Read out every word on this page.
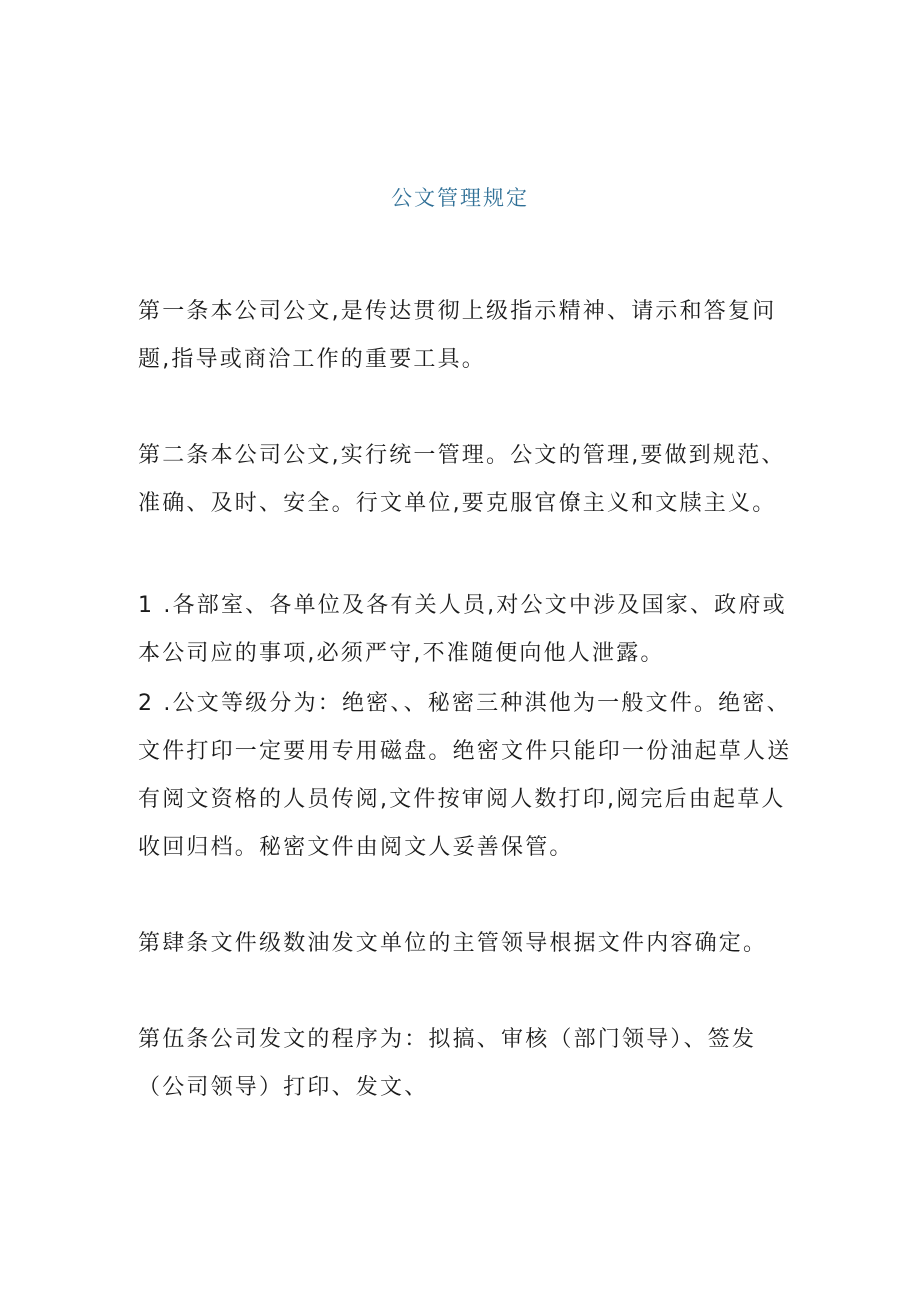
公文管理规定

第一条本公司公文,是传达贯彻上级指示精神、请示和答复问

题,指导或商洽工作的重要工具。

第二条本公司公文,实行统一管理。公文的管理,要做到规范、

准确、及时、安全。行文单位,要克服官僚主义和文牍主义。

1 .各部室、各单位及各有关人员,对公文中涉及国家、政府或

本公司应的事项,必须严守,不准随便向他人泄露。

2 .公文等级分为：绝密、、秘密三种淇他为一般文件。绝密、

文件打印一定要用专用磁盘。绝密文件只能印一份油起草人送

有阅文资格的人员传阅,文件按审阅人数打印,阅完后由起草人

收回归档。秘密文件由阅文人妥善保管。

第肆条文件级数油发文单位的主管领导根据文件内容确定。

第伍条公司发文的程序为：拟搞、审核（部门领导）、签发

（公司领导）打印、发文、
